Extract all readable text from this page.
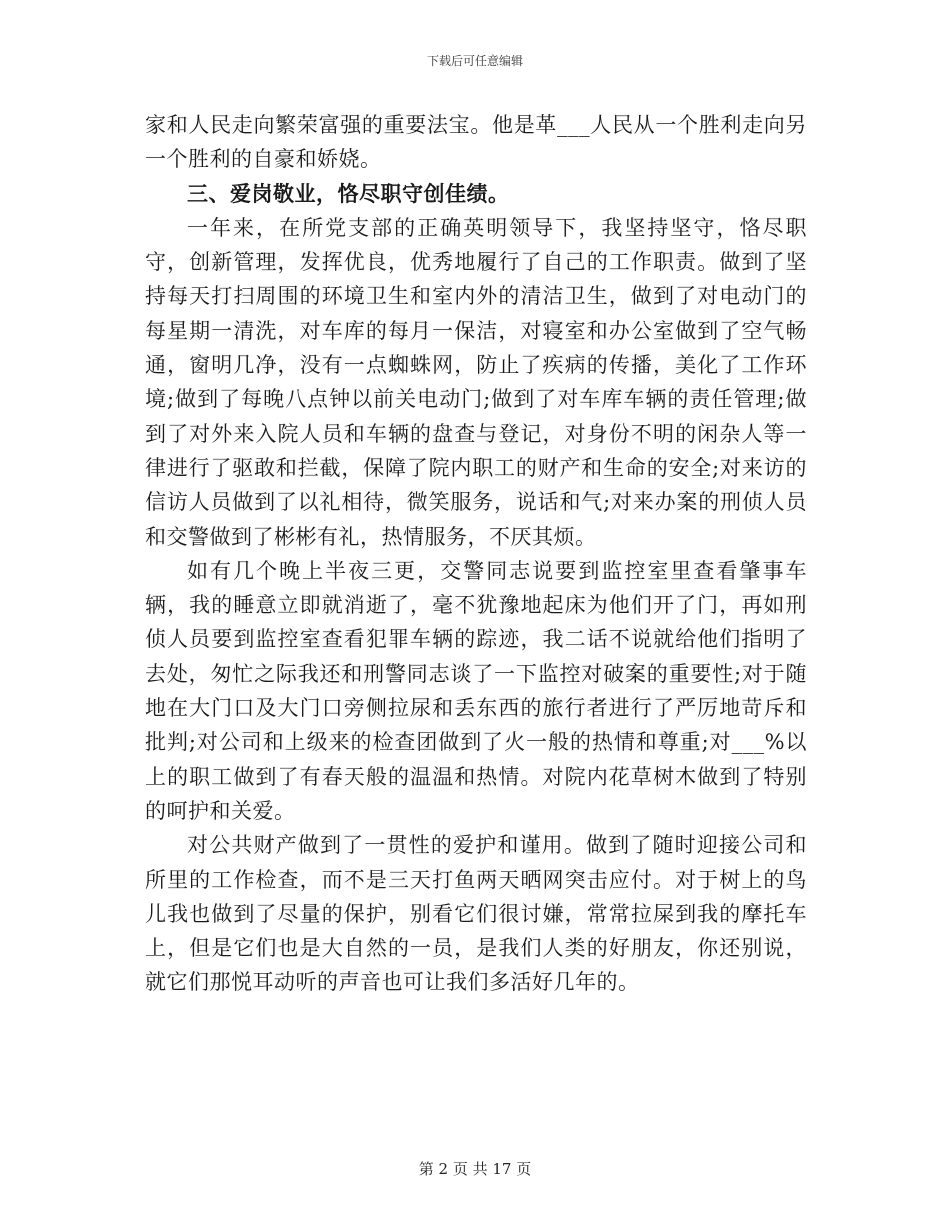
下载后可任意编辑

家和人民走向繁荣富强的重要法宝。他是革___人民从一个胜利走向另一个胜利的自豪和娇娆。

三、爱岗敬业，恪尽职守创佳绩。

一年来，在所党支部的正确英明领导下，我坚持坚守，恪尽职守，创新管理，发挥优良，优秀地履行了自己的工作职责。做到了坚持每天打扫周围的环境卫生和室内外的清洁卫生，做到了对电动门的每星期一清洗，对车库的每月一保洁，对寝室和办公室做到了空气畅通，窗明几净，没有一点蜘蛛网，防止了疾病的传播，美化了工作环境;做到了每晚八点钟以前关电动门;做到了对车库车辆的责任管理;做到了对外来入院人员和车辆的盘查与登记，对身份不明的闲杂人等一律进行了驱敢和拦截，保障了院内职工的财产和生命的安全;对来访的信访人员做到了以礼相待，微笑服务，说话和气;对来办案的刑侦人员和交警做到了彬彬有礼，热情服务，不厌其烦。

如有几个晚上半夜三更，交警同志说要到监控室里查看肇事车辆，我的睡意立即就消逝了，毫不犹豫地起床为他们开了门，再如刑侦人员要到监控室查看犯罪车辆的踪迹，我二话不说就给他们指明了去处，匆忙之际我还和刑警同志谈了一下监控对破案的重要性;对于随地在大门口及大门口旁侧拉尿和丢东西的旅行者进行了严厉地苛斥和批判;对公司和上级来的检查团做到了火一般的热情和尊重;对___%以上的职工做到了有春天般的温温和热情。对院内花草树木做到了特别的呵护和关爱。

对公共财产做到了一贯性的爱护和谨用。做到了随时迎接公司和所里的工作检查，而不是三天打鱼两天晒网突击应付。对于树上的鸟儿我也做到了尽量的保护，别看它们很讨嫌，常常拉屎到我的摩托车上，但是它们也是大自然的一员，是我们人类的好朋友，你还别说，就它们那悦耳动听的声音也可让我们多活好几年的。

第 2 页 共 17 页
